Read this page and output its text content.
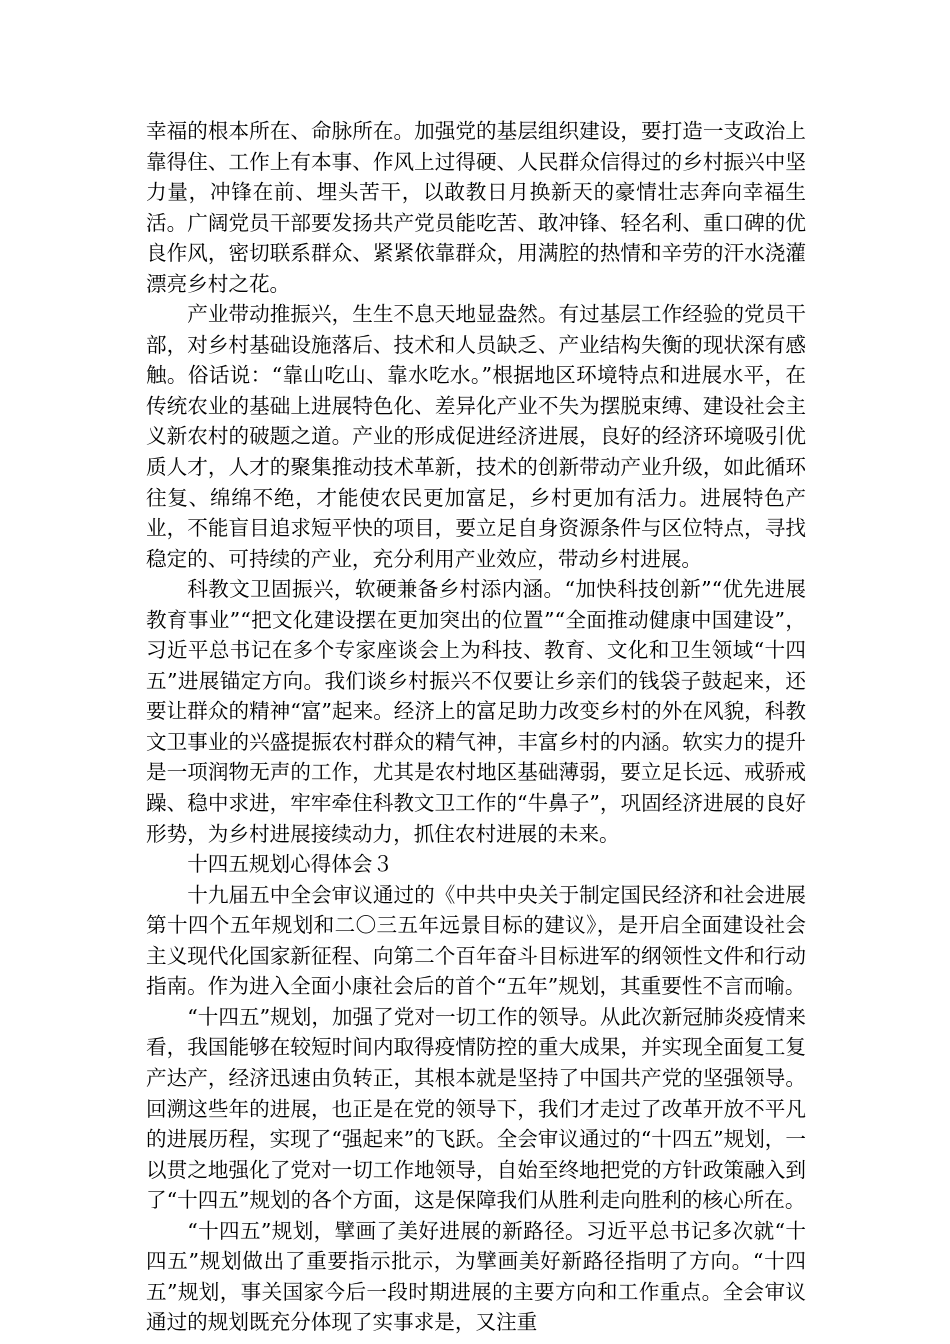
幸福的根本所在、命脉所在。加强党的基层组织建设，要打造一支政治上靠得住、工作上有本事、作风上过得硬、人民群众信得过的乡村振兴中坚力量，冲锋在前、埋头苦干，以敢教日月换新天的豪情壮志奔向幸福生活。广阔党员干部要发扬共产党员能吃苦、敢冲锋、轻名利、重口碑的优良作风，密切联系群众、紧紧依靠群众，用满腔的热情和辛劳的汗水浇灌漂亮乡村之花。

产业带动推振兴，生生不息天地显盎然。有过基层工作经验的党员干部，对乡村基础设施落后、技术和人员缺乏、产业结构失衡的现状深有感触。俗话说：“靠山吃山、靠水吃水。”根据地区环境特点和进展水平，在传统农业的基础上进展特色化、差异化产业不失为摆脱束缚、建设社会主义新农村的破题之道。产业的形成促进经济进展，良好的经济环境吸引优质人才，人才的聚集推动技术革新，技术的创新带动产业升级，如此循环往复、绵绵不绝，才能使农民更加富足，乡村更加有活力。进展特色产业，不能盲目追求短平快的项目，要立足自身资源条件与区位特点，寻找稳定的、可持续的产业，充分利用产业效应，带动乡村进展。

科教文卫固振兴，软硬兼备乡村添内涵。“加快科技创新”“优先进展教育事业”“把文化建设摆在更加突出的位置”“全面推动健康中国建设”，习近平总书记在多个专家座谈会上为科技、教育、文化和卫生领域“十四五”进展锚定方向。我们谈乡村振兴不仅要让乡亲们的钱袋子鼓起来，还要让群众的精神“富”起来。经济上的富足助力改变乡村的外在风貌，科教文卫事业的兴盛提振农村群众的精气神，丰富乡村的内涵。软实力的提升是一项润物无声的工作，尤其是农村地区基础薄弱，要立足长远、戒骄戒躁、稳中求进，牢牢牵住科教文卫工作的“牛鼻子”，巩固经济进展的良好形势，为乡村进展接续动力，抓住农村进展的未来。

十四五规划心得体会３

十九届五中全会审议通过的《中共中央关于制定国民经济和社会进展第十四个五年规划和二〇三五年远景目标的建议》，是开启全面建设社会主义现代化国家新征程、向第二个百年奋斗目标进军的纲领性文件和行动指南。作为进入全面小康社会后的首个“五年”规划，其重要性不言而喻。

“十四五”规划，加强了党对一切工作的领导。从此次新冠肺炎疫情来看，我国能够在较短时间内取得疫情防控的重大成果，并实现全面复工复产达产，经济迅速由负转正，其根本就是坚持了中国共产党的坚强领导。回溯这些年的进展，也正是在党的领导下，我们才走过了改革开放不平凡的进展历程，实现了“强起来”的飞跃。全会审议通过的“十四五”规划，一以贯之地强化了党对一切工作地领导，自始至终地把党的方针政策融入到了“十四五”规划的各个方面，这是保障我们从胜利走向胜利的核心所在。

“十四五”规划，擘画了美好进展的新路径。习近平总书记多次就“十四五”规划做出了重要指示批示，为擘画美好新路径指明了方向。“十四五”规划，事关国家今后一段时期进展的主要方向和工作重点。全会审议通过的规划既充分体现了实事求是，又注重
